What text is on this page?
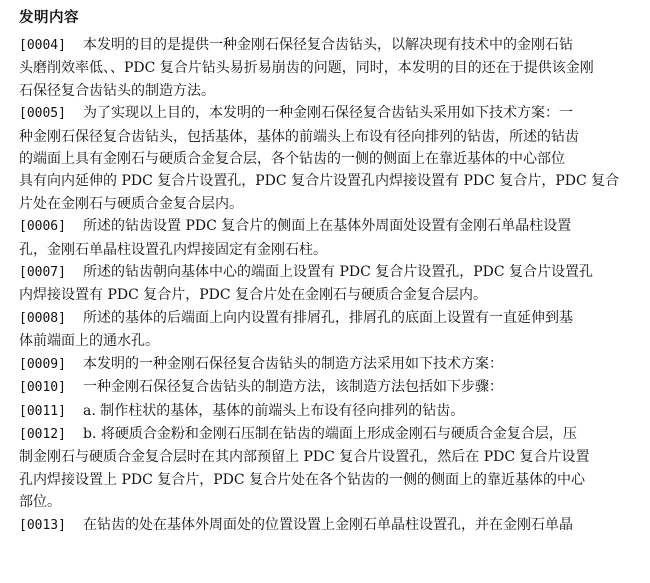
发明内容
[0004] 本发明的目的是提供一种金刚石保径复合齿钻头，以解决现有技术中的金刚石钻
头磨削效率低、、PDC 复合片钻头易折易崩齿的问题，同时，本发明的目的还在于提供该金刚
石保径复合齿钻头的制造方法。
[0005] 为了实现以上目的，本发明的一种金刚石保径复合齿钻头采用如下技术方案：一
种金刚石保径复合齿钻头，包括基体，基体的前端头上布设有径向排列的钻齿，所述的钻齿
的端面上具有金刚石与硬质合金复合层，各个钻齿的一侧的侧面上在靠近基体的中心部位
具有向内延伸的 PDC 复合片设置孔，PDC 复合片设置孔内焊接设置有 PDC 复合片，PDC 复合
片处在金刚石与硬质合金复合层内。
[0006] 所述的钻齿设置 PDC 复合片的侧面上在基体外周面处设置有金刚石单晶柱设置
孔，金刚石单晶柱设置孔内焊接固定有金刚石柱。
[0007] 所述的钻齿朝向基体中心的端面上设置有 PDC 复合片设置孔，PDC 复合片设置孔
内焊接设置有 PDC 复合片，PDC 复合片处在金刚石与硬质合金复合层内。
[0008] 所述的基体的后端面上向内设置有排屑孔，排屑孔的底面上设置有一直延伸到基
体前端面上的通水孔。
[0009] 本发明的一种金刚石保径复合齿钻头的制造方法采用如下技术方案：
[0010] 一种金刚石保径复合齿钻头的制造方法，该制造方法包括如下步骤：
[0011] a. 制作柱状的基体，基体的前端头上布设有径向排列的钻齿。
[0012] b. 将硬质合金粉和金刚石压制在钻齿的端面上形成金刚石与硬质合金复合层，压
制金刚石与硬质合金复合层时在其内部预留上 PDC 复合片设置孔，然后在 PDC 复合片设置
孔内焊接设置上 PDC 复合片，PDC 复合片处在各个钻齿的一侧的侧面上的靠近基体的中心
部位。
[0013] 在钻齿的处在基体外周面处的位置设置上金刚石单晶柱设置孔，并在金刚石单晶
